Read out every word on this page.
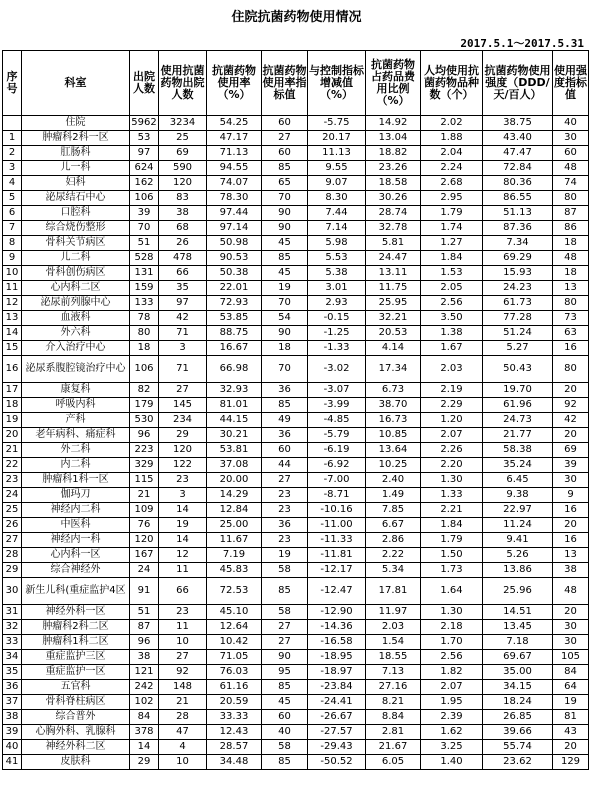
住院抗菌药物使用情况
2017.5.1～2017.5.31
序号	科室	出院人数	使用抗菌药物出院人数	抗菌药物使用率（%）	抗菌药物使用率指标值	与控制指标增减值（%）	抗菌药物占药品费用比例（%）	人均使用抗菌药物品种数（个）	抗菌药物使用强度（DDD/天/百人）	使用强度指标值
	住院	5962	3234	54.25	60	-5.75	14.92	2.02	38.75	40
1	肿瘤科2科一区	53	25	47.17	27	20.17	13.04	1.88	43.40	30
2	肛肠科	97	69	71.13	60	11.13	18.82	2.04	47.47	60
3	儿一科	624	590	94.55	85	9.55	23.26	2.24	72.84	48
4	妇科	162	120	74.07	65	9.07	18.58	2.68	80.36	74
5	泌尿结石中心	106	83	78.30	70	8.30	30.26	2.95	86.55	80
6	口腔科	39	38	97.44	90	7.44	28.74	1.79	51.13	87
7	综合烧伤整形	70	68	97.14	90	7.14	32.78	1.74	87.36	86
8	骨科关节病区	51	26	50.98	45	5.98	5.81	1.27	7.34	18
9	儿二科	528	478	90.53	85	5.53	24.47	1.84	69.29	48
10	骨科创伤病区	131	66	50.38	45	5.38	13.11	1.53	15.93	18
11	心内科二区	159	35	22.01	19	3.01	11.75	2.05	24.23	13
12	泌尿前列腺中心	133	97	72.93	70	2.93	25.95	2.56	61.73	80
13	血液科	78	42	53.85	54	-0.15	32.21	3.50	77.28	73
14	外六科	80	71	88.75	90	-1.25	20.53	1.38	51.24	63
15	介入治疗中心	18	3	16.67	18	-1.33	4.14	1.67	5.27	16
16	泌尿系腹腔镜治疗中心	106	71	66.98	70	-3.02	17.34	2.03	50.43	80
17	康复科	82	27	32.93	36	-3.07	6.73	2.19	19.70	20
18	呼吸内科	179	145	81.01	85	-3.99	38.70	2.29	61.96	92
19	产科	530	234	44.15	49	-4.85	16.73	1.20	24.73	42
20	老年病科、痛症科	96	29	30.21	36	-5.79	10.85	2.07	21.77	20
21	外二科	223	120	53.81	60	-6.19	13.64	2.26	58.38	69
22	内二科	329	122	37.08	44	-6.92	10.25	2.20	35.24	39
23	肿瘤科1科一区	115	23	20.00	27	-7.00	2.40	1.30	6.45	30
24	伽玛刀	21	3	14.29	23	-8.71	1.49	1.33	9.38	9
25	神经内二科	109	14	12.84	23	-10.16	7.85	2.21	22.97	16
26	中医科	76	19	25.00	36	-11.00	6.67	1.84	11.24	20
27	神经内一科	120	14	11.67	23	-11.33	2.86	1.79	9.41	16
28	心内科一区	167	12	7.19	19	-11.81	2.22	1.50	5.26	13
29	综合神经外	24	11	45.83	58	-12.17	5.34	1.73	13.86	38
30	新生儿科(重症监护4区	91	66	72.53	85	-12.47	17.81	1.64	25.96	48
31	神经外科一区	51	23	45.10	58	-12.90	11.97	1.30	14.51	20
32	肿瘤科2科二区	87	11	12.64	27	-14.36	2.03	2.18	13.45	30
33	肿瘤科1科二区	96	10	10.42	27	-16.58	1.54	1.70	7.18	30
34	重症监护三区	38	27	71.05	90	-18.95	18.55	2.56	69.67	105
35	重症监护一区	121	92	76.03	95	-18.97	7.13	1.82	35.00	84
36	五官科	242	148	61.16	85	-23.84	27.16	2.07	34.15	64
37	骨科脊柱病区	102	21	20.59	45	-24.41	8.21	1.95	18.24	19
38	综合普外	84	28	33.33	60	-26.67	8.84	2.39	26.85	81
39	心胸外科、乳腺科	378	47	12.43	40	-27.57	2.81	1.62	39.66	43
40	神经外科二区	14	4	28.57	58	-29.43	21.67	3.25	55.74	20
41	皮肤科	29	10	34.48	85	-50.52	6.05	1.40	23.62	129
